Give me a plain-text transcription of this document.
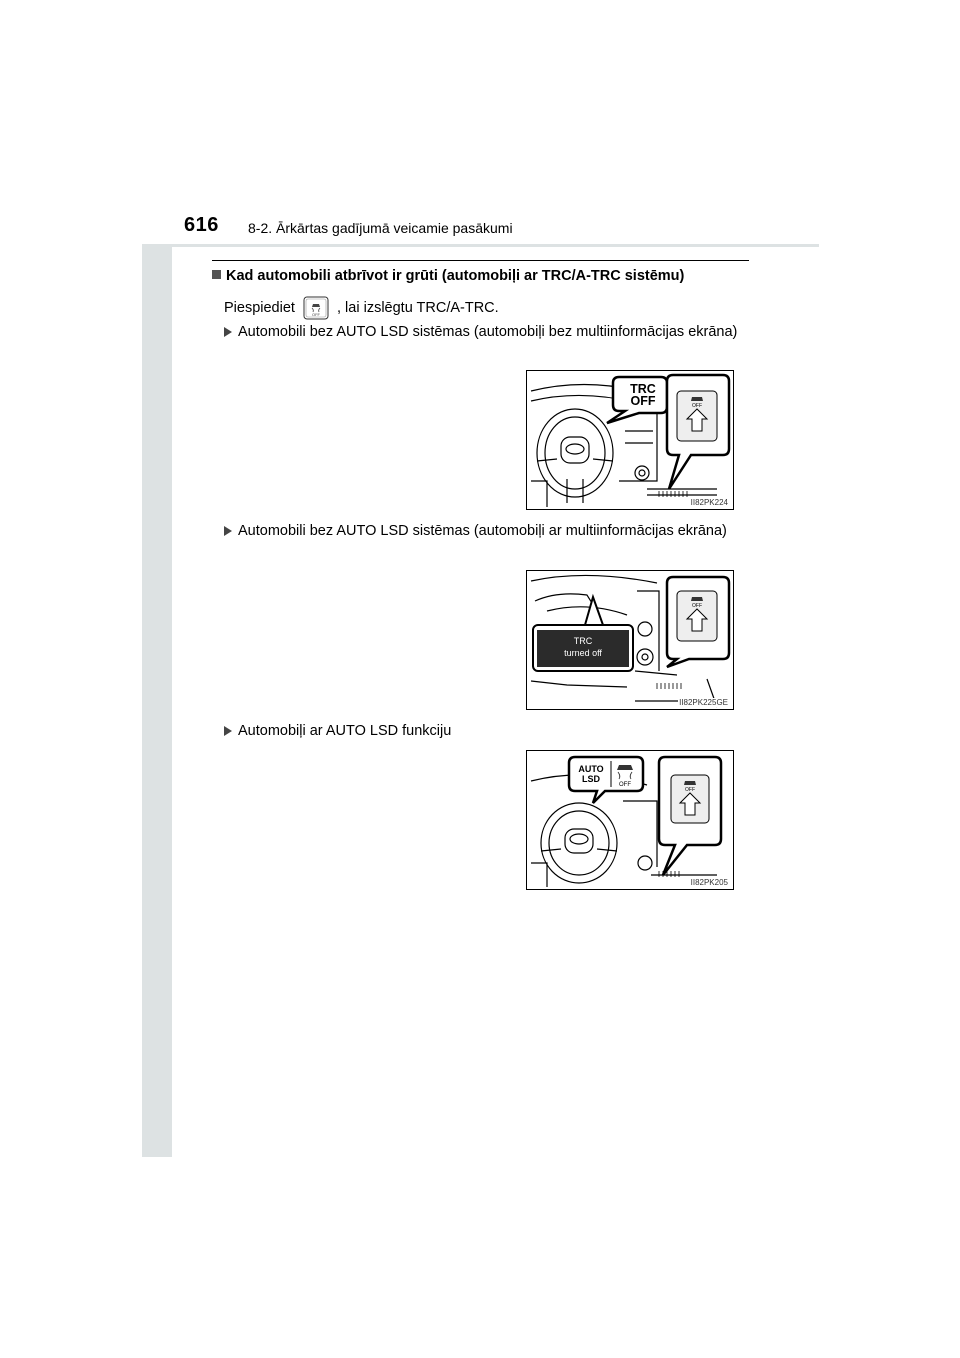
616 8-2. Ārkārtas gadījumā veicamie pasākumi
Kad automobili atbrīvot ir grūti (automobiļi ar TRC/A-TRC sistēmu)
Piespiediet	OFF , lai izslēgtu TRC/A-TRC.
Automobili bez AUTO LSD sistēmas (automobiļi bez multiinformācijas ekrāna)
OFF
TRC
OFF
II82PK224
Automobili bez AUTO LSD sistēmas (automobiļi ar multiinformācijas ekrāna)
OFF
TRC
turned off
II82PK225GE
Automobiļi ar AUTO LSD funkciju
OFF
OFF
AUTO
LSD
II82PK205
